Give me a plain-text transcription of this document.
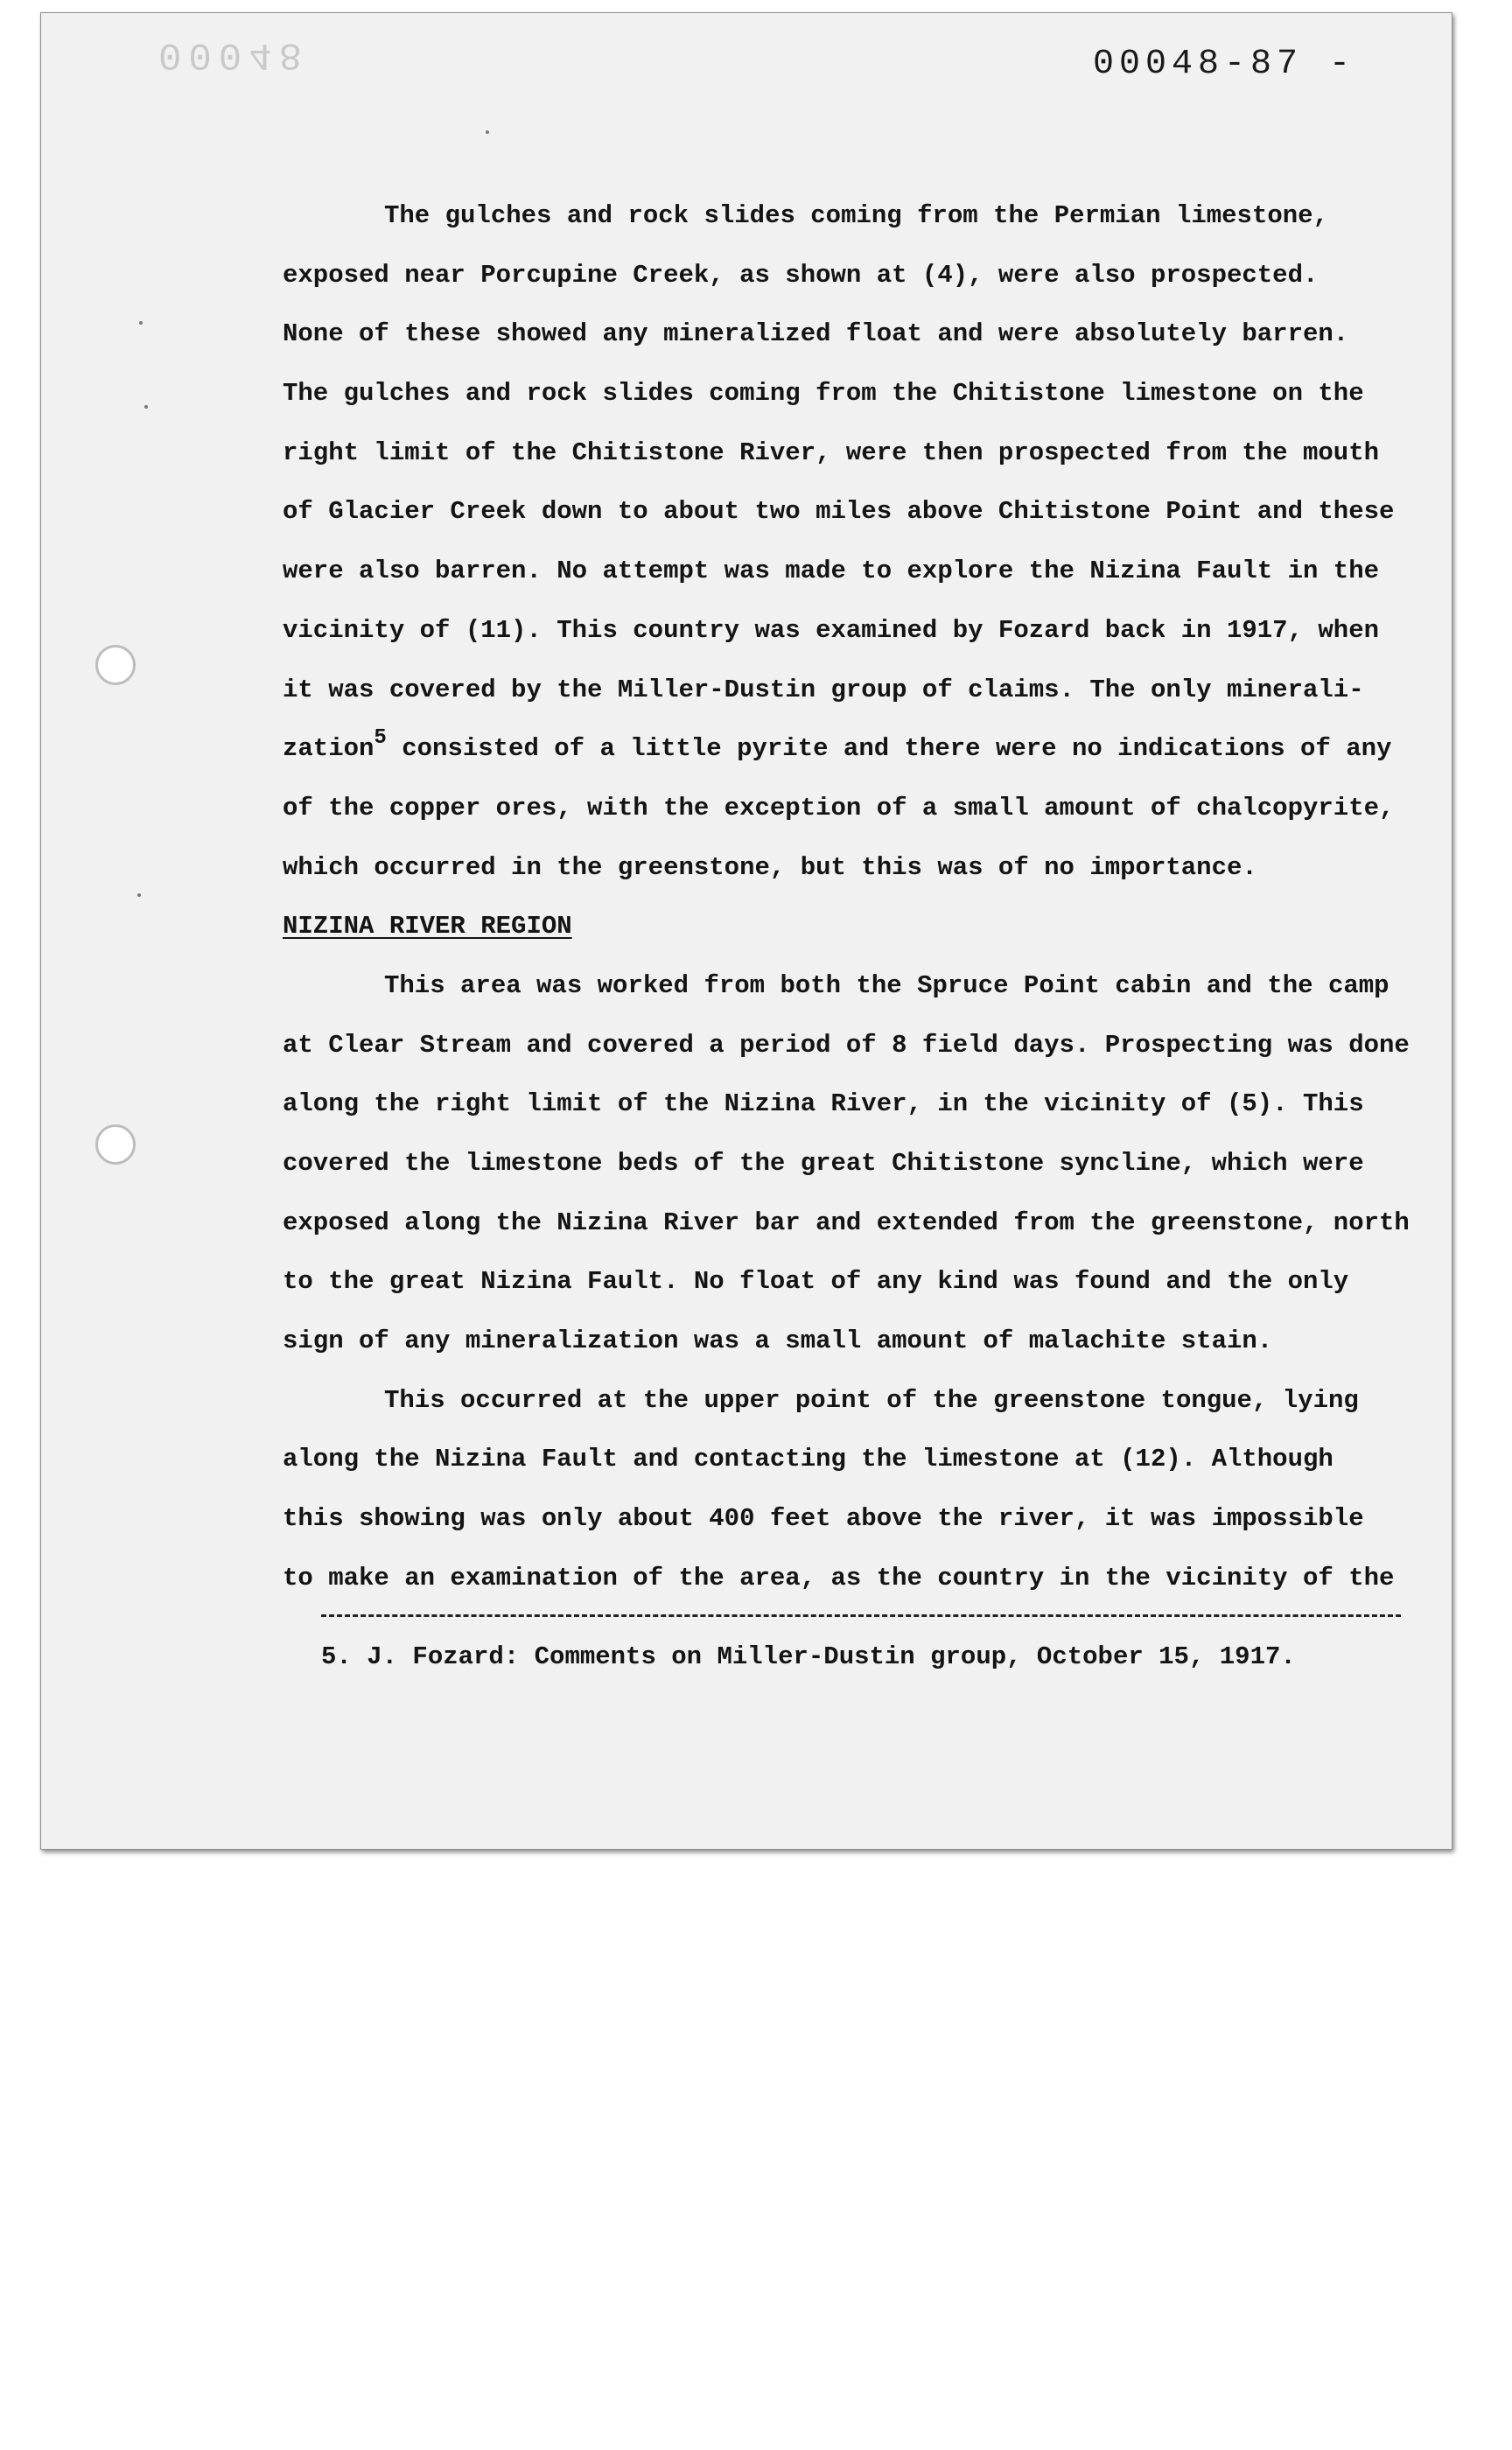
00048	00048-87 -
The gulches and rock slides coming from the Permian limestone,
exposed near Porcupine Creek, as shown at (4), were also prospected.
None of these showed any mineralized float and were absolutely barren.
The gulches and rock slides coming from the Chitistone limestone on the
right limit of the Chitistone River, were then prospected from the mouth
of Glacier Creek down to about two miles above Chitistone Point and these
were also barren. No attempt was made to explore the Nizina Fault in the
vicinity of (11). This country was examined by Fozard back in 1917, when
it was covered by the Miller-Dustin group of claims. The only minerali-
zation$^5$ consisted of a little pyrite and there were no indications of any
of the copper ores, with the exception of a small amount of chalcopyrite,
which occurred in the greenstone, but this was of no importance.
NIZINA RIVER REGION
This area was worked from both the Spruce Point cabin and the camp
at Clear Stream and covered a period of 8 field days. Prospecting was done
along the right limit of the Nizina River, in the vicinity of (5). This
covered the limestone beds of the great Chitistone syncline, which were
exposed along the Nizina River bar and extended from the greenstone, north
to the great Nizina Fault. No float of any kind was found and the only
sign of any mineralization was a small amount of malachite stain.
This occurred at the upper point of the greenstone tongue, lying
along the Nizina Fault and contacting the limestone at (12). Although
this showing was only about 400 feet above the river, it was impossible
to make an examination of the area, as the country in the vicinity of the
5. J. Fozard: Comments on Miller-Dustin group, October 15, 1917.
